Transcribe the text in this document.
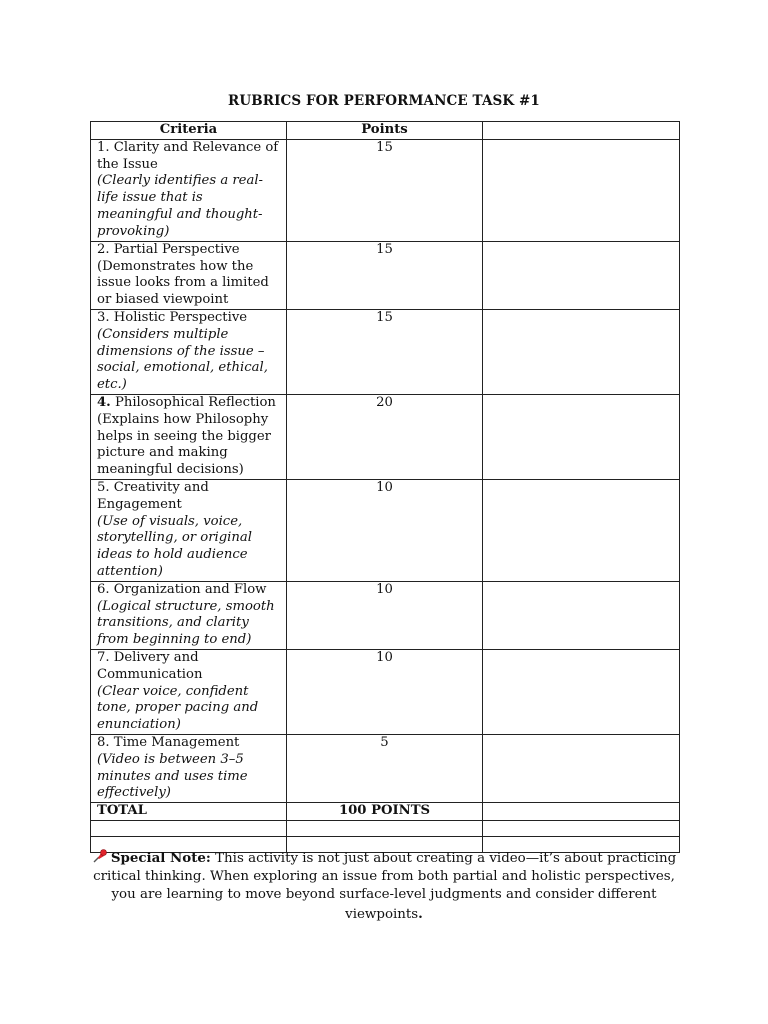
RUBRICS FOR PERFORMANCE TASK #1
Criteria	Points	

1. Clarity and Relevance of the Issue
(Clearly identifies a real-life issue that is meaningful and thought-provoking)	15	

2. Partial Perspective
(Demonstrates how the issue looks from a limited or biased viewpoint	15	

3. Holistic Perspective
(Considers multiple dimensions of the issue – social, emotional, ethical, etc.)	15	

4. Philosophical Reflection
(Explains how Philosophy helps in seeing the bigger picture and making meaningful decisions)	20	

5. Creativity and Engagement
(Use of visuals, voice, storytelling, or original ideas to hold audience attention)	10	

6. Organization and Flow
(Logical structure, smooth transitions, and clarity from beginning to end)	10	

7. Delivery and Communication
(Clear voice, confident tone, proper pacing and enunciation)	10	

8. Time Management
(Video is between 3–5 minutes and uses time effectively)	5	
TOTAL	100 POINTS	

Special Note: This activity is not just about creating a video—it’s about practicing critical thinking. When exploring an issue from both partial and holistic perspectives, you are learning to move beyond surface-level judgments and consider different viewpoints.
